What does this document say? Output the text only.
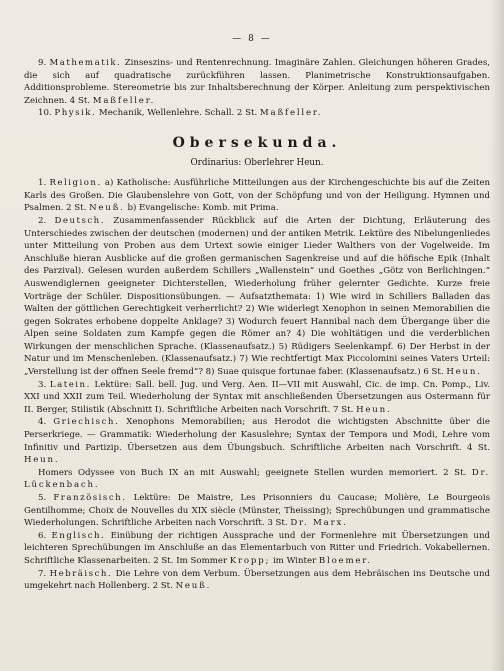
— 8 —

9. Mathematik. Zinseszins- und Rentenrechnung. Imaginäre Zahlen. Gleichungen höheren Grades, die sich auf quadratische zurückführen lassen. Planimetrische Konstruktionsaufgaben. Additionsprobleme. Stereometrie bis zur Inhaltsberechnung der Körper. Anleitung zum perspektivischen Zeichnen. 4 St. Maßfeller.

10. Physik. Mechanik, Wellenlehre. Schall. 2 St. Maßfeller.

Obersekunda.
Ordinarius: Oberlehrer Heun.

1. Religion. a) Katholische: Ausführliche Mitteilungen aus der Kirchengeschichte bis auf die Zeiten Karls des Großen. Die Glaubenslehre von Gott, von der Schöpfung und von der Heiligung. Hymnen und Psalmen. 2 St. Neuß. b) Evangelische: Komb. mit Prima.

2. Deutsch. Zusammenfassender Rückblick auf die Arten der Dichtung, Erläuterung des Unterschiedes zwischen der deutschen (modernen) und der antiken Metrik. Lektüre des Nibelungenliedes unter Mitteilung von Proben aus dem Urtext sowie einiger Lieder Walthers von der Vogelweide. Im Anschluße hieran Ausblicke auf die großen germanischen Sagenkreise und auf die höfische Epik (Inhalt des Parzival). Gelesen wurden außerdem Schillers „Wallenstein“ und Goethes „Götz von Berlichingen.“ Auswendiglernen geeigneter Dichterstellen, Wiederholung früher gelernter Gedichte. Kurze freie Vorträge der Schüler. Dispositionsübungen. — Aufsatzthemata: 1) Wie wird in Schillers Balladen das Walten der göttlichen Gerechtigkeit verherrlicht? 2) Wie widerlegt Xenophon in seinen Memorabilien die gegen Sokrates erhobene doppelte Anklage? 3) Wodurch feuert Hannibal nach dem Übergange über die Alpen seine Soldaten zum Kampfe gegen die Römer an? 4) Die wohltätigen und die verderblichen Wirkungen der menschlichen Sprache. (Klassenaufsatz.) 5) Rüdigers Seelenkampf. 6) Der Herbst in der Natur und im Menschenleben. (Klassenaufsatz.) 7) Wie rechtfertigt Max Piccolomini seines Vaters Urteil: „Verstellung ist der offnen Seele fremd“? 8) Suae quisque fortunae faber. (Klassenaufsatz.) 6 St. Heun.

3. Latein. Lektüre: Sall. bell. Jug. und Verg. Aen. II—VII mit Auswahl, Cic. de imp. Cn. Pomp., Liv. XXI und XXII zum Teil. Wiederholung der Syntax mit anschließenden Übersetzungen aus Ostermann für II. Berger, Stilistik (Abschnitt I). Schriftliche Arbeiten nach Vorschrift. 7 St. Heun.

4. Griechisch. Xenophons Memorabilien; aus Herodot die wichtigsten Abschnitte über die Perserkriege. — Grammatik: Wiederholung der Kasuslehre; Syntax der Tempora und Modi, Lehre vom Infinitiv und Partizip. Übersetzen aus dem Übungsbuch. Schriftliche Arbeiten nach Vorschrift. 4 St. Heun.

Homers Odyssee von Buch IX an mit Auswahl; geeignete Stellen wurden memoriert. 2 St. Dr. Lückenbach.

5. Französisch. Lektüre: De Maistre, Les Prisonniers du Caucase; Molière, Le Bourgeois Gentilhomme; Choix de Nouvelles du XIX siècle (Münster, Theissing); Sprechübungen und grammatische Wiederholungen. Schriftliche Arbeiten nach Vorschrift. 3 St. Dr. Marx.

6. Englisch. Einübung der richtigen Aussprache und der Formenlehre mit Übersetzungen und leichteren Sprechübungen im Anschluße an das Elementarbuch von Ritter und Friedrich. Vokabellernen. Schriftliche Klassenarbeiten. 2 St. Im Sommer Kropp; im Winter Bloemer.

7. Hebräisch. Die Lehre von dem Verbum. Übersetzungen aus dem Hebräischen ins Deutsche und umgekehrt nach Hollenberg. 2 St. Neuß.
